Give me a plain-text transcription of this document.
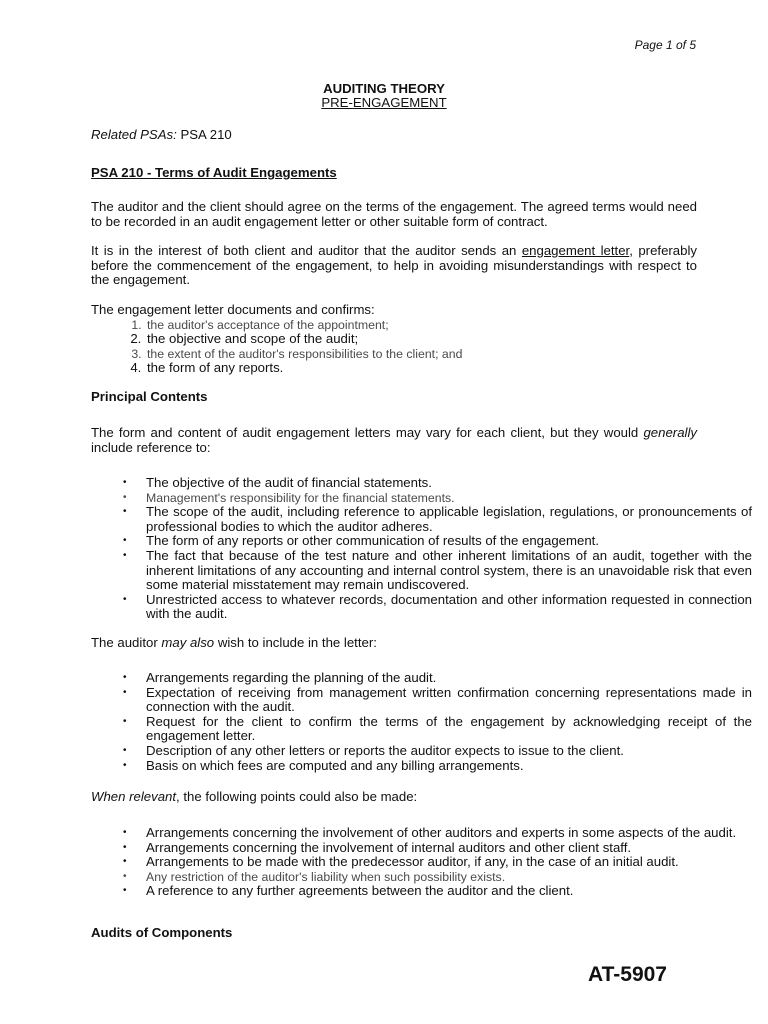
Page 1 of 5
AUDITING THEORY
PRE-ENGAGEMENT
Related PSAs: PSA 210
PSA 210 - Terms of Audit Engagements
The auditor and the client should agree on the terms of the engagement. The agreed terms would need to be recorded in an audit engagement letter or other suitable form of contract.
It is in the interest of both client and auditor that the auditor sends an engagement letter, preferably before the commencement of the engagement, to help in avoiding misunderstandings with respect to the engagement.
The engagement letter documents and confirms:
1. the auditor's acceptance of the appointment;
2. the objective and scope of the audit;
3. the extent of the auditor's responsibilities to the client; and
4. the form of any reports.
Principal Contents
The form and content of audit engagement letters may vary for each client, but they would generally include reference to:
• The objective of the audit of financial statements.
• Management's responsibility for the financial statements.
• The scope of the audit, including reference to applicable legislation, regulations, or pronouncements of professional bodies to which the auditor adheres.
• The form of any reports or other communication of results of the engagement.
• The fact that because of the test nature and other inherent limitations of an audit, together with the inherent limitations of any accounting and internal control system, there is an unavoidable risk that even some material misstatement may remain undiscovered.
• Unrestricted access to whatever records, documentation and other information requested in connection with the audit.
The auditor may also wish to include in the letter:
• Arrangements regarding the planning of the audit.
• Expectation of receiving from management written confirmation concerning representations made in connection with the audit.
• Request for the client to confirm the terms of the engagement by acknowledging receipt of the engagement letter.
• Description of any other letters or reports the auditor expects to issue to the client.
• Basis on which fees are computed and any billing arrangements.
When relevant, the following points could also be made:
• Arrangements concerning the involvement of other auditors and experts in some aspects of the audit.
• Arrangements concerning the involvement of internal auditors and other client staff.
• Arrangements to be made with the predecessor auditor, if any, in the case of an initial audit.
• Any restriction of the auditor's liability when such possibility exists.
• A reference to any further agreements between the auditor and the client.
Audits of Components
AT-5907
